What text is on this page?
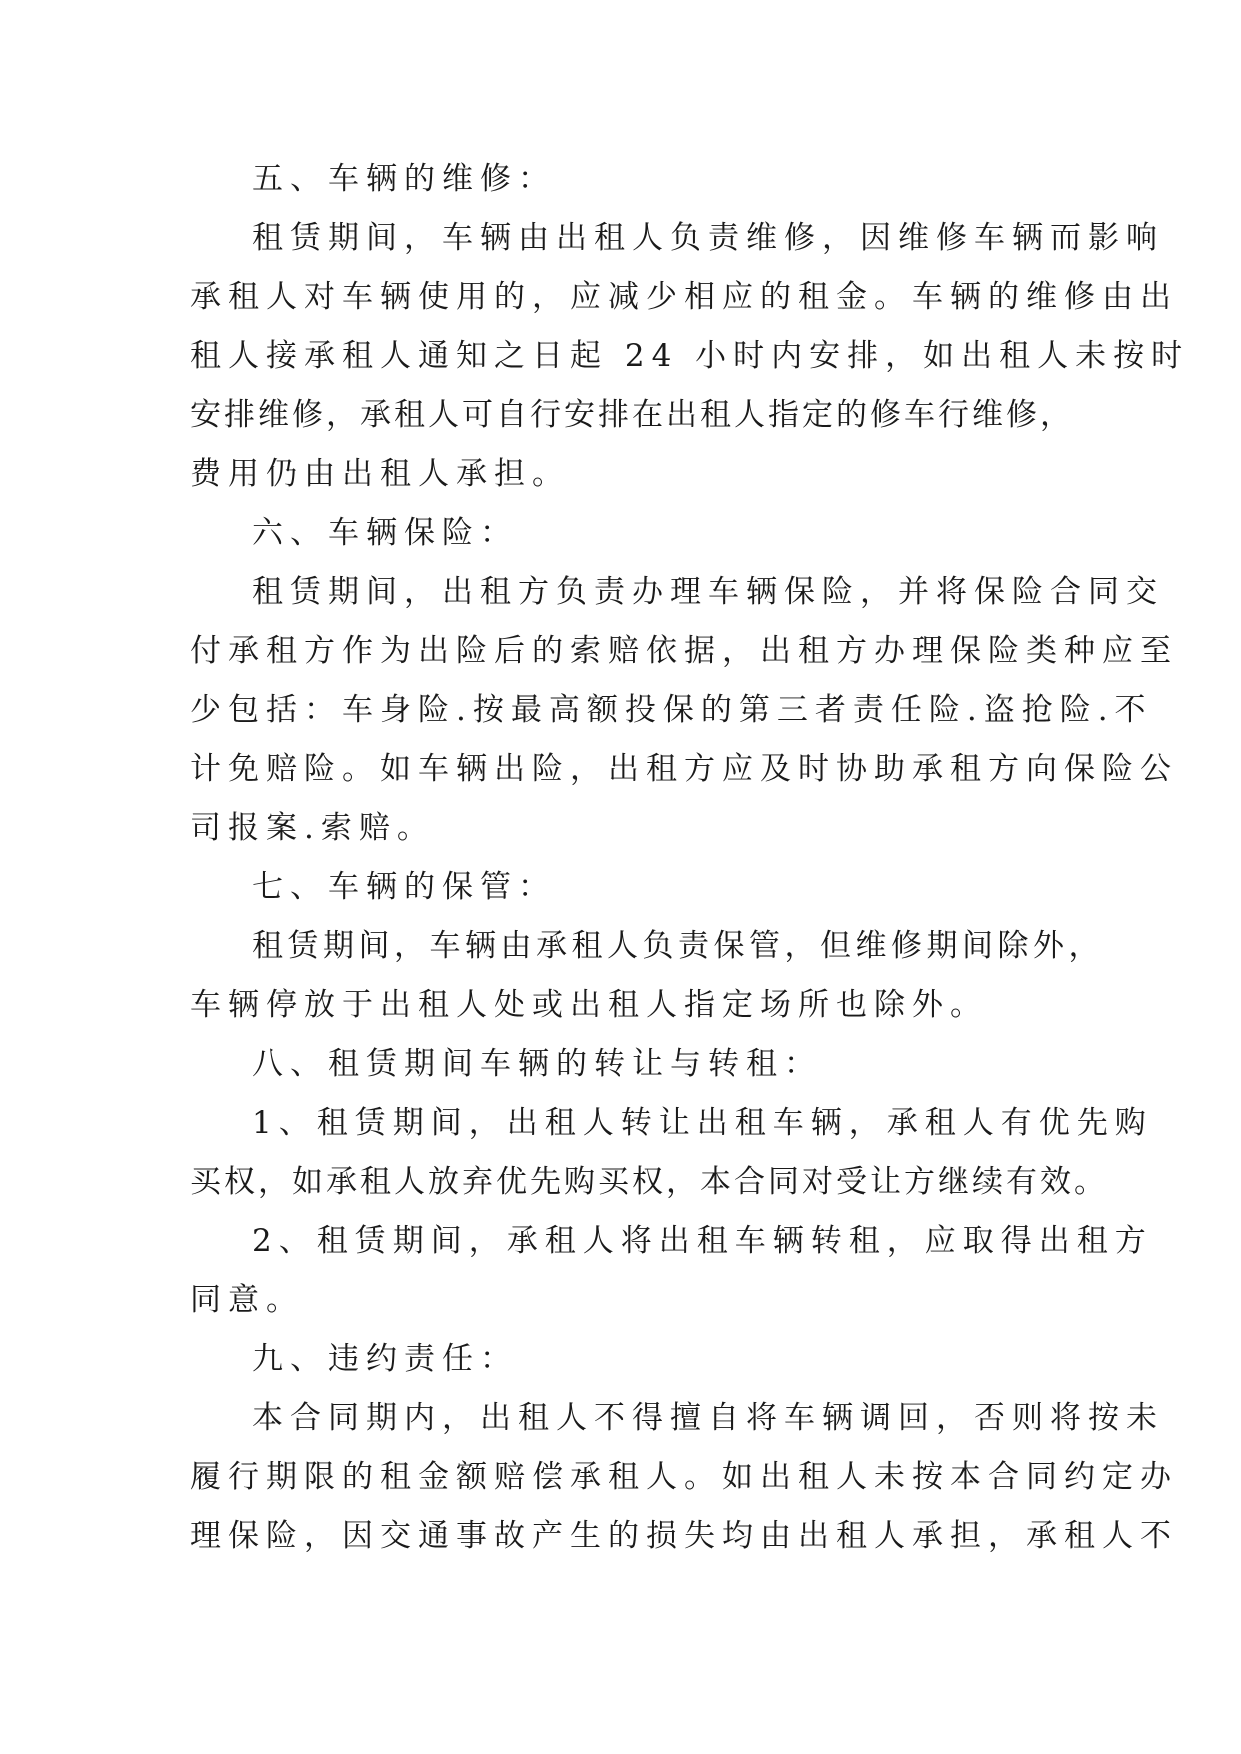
五、车辆的维修：
租赁期间，车辆由出租人负责维修，因维修车辆而影响
承租人对车辆使用的，应减少相应的租金。车辆的维修由出
租人接承租人通知之日起 24 小时内安排，如出租人未按时
安排维修，承租人可自行安排在出租人指定的修车行维修，
费用仍由出租人承担。
六、车辆保险：
租赁期间，出租方负责办理车辆保险，并将保险合同交
付承租方作为出险后的索赔依据，出租方办理保险类种应至
少包括：车身险.按最高额投保的第三者责任险.盗抢险.不
计免赔险。如车辆出险，出租方应及时协助承租方向保险公
司报案.索赔。
七、车辆的保管：
租赁期间，车辆由承租人负责保管，但维修期间除外，
车辆停放于出租人处或出租人指定场所也除外。
八、租赁期间车辆的转让与转租：
1、租赁期间，出租人转让出租车辆，承租人有优先购
买权，如承租人放弃优先购买权，本合同对受让方继续有效。
2、租赁期间，承租人将出租车辆转租，应取得出租方
同意。
九、违约责任：
本合同期内，出租人不得擅自将车辆调回，否则将按未
履行期限的租金额赔偿承租人。如出租人未按本合同约定办
理保险，因交通事故产生的损失均由出租人承担，承租人不
